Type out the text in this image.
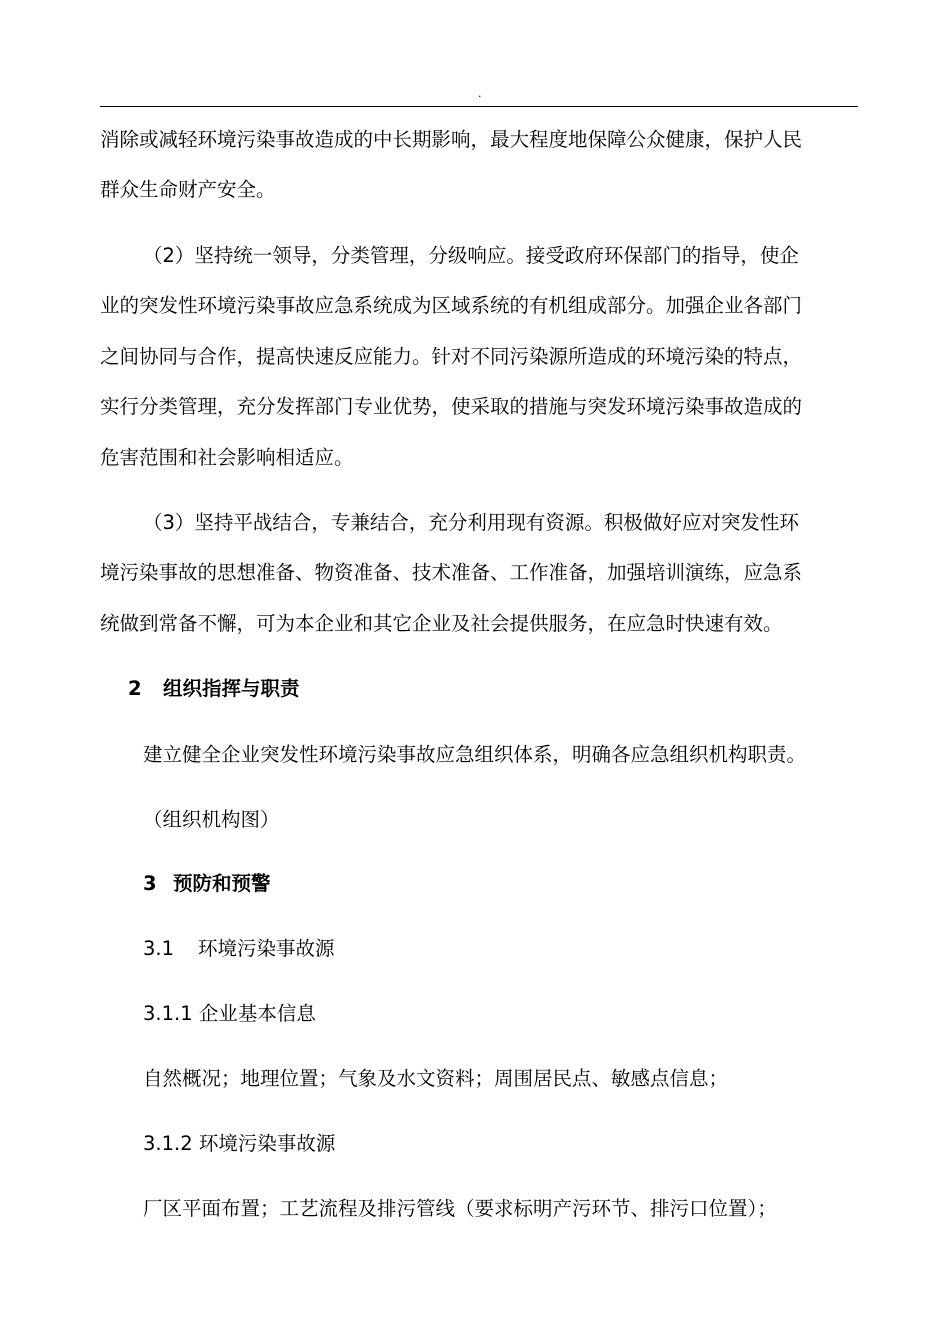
.
消除或减轻环境污染事故造成的中长期影响，最大程度地保障公众健康，保护人民
群众生命财产安全。
（2）坚持统一领导，分类管理，分级响应。接受政府环保部门的指导，使企
业的突发性环境污染事故应急系统成为区域系统的有机组成部分。加强企业各部门
之间协同与合作，提高快速反应能力。针对不同污染源所造成的环境污染的特点，
实行分类管理，充分发挥部门专业优势，使采取的措施与突发环境污染事故造成的
危害范围和社会影响相适应。
（3）坚持平战结合，专兼结合，充分利用现有资源。积极做好应对突发性环
境污染事故的思想准备、物资准备、技术准备、工作准备，加强培训演练，应急系
统做到常备不懈，可为本企业和其它企业及社会提供服务，在应急时快速有效。
2 组织指挥与职责
建立健全企业突发性环境污染事故应急组织体系，明确各应急组织机构职责。
（组织机构图）
3 预防和预警
3.1 环境污染事故源
3.1.1 企业基本信息
自然概况；地理位置；气象及水文资料；周围居民点、敏感点信息；
3.1.2 环境污染事故源
厂区平面布置；工艺流程及排污管线（要求标明产污环节、排污口位置）；
